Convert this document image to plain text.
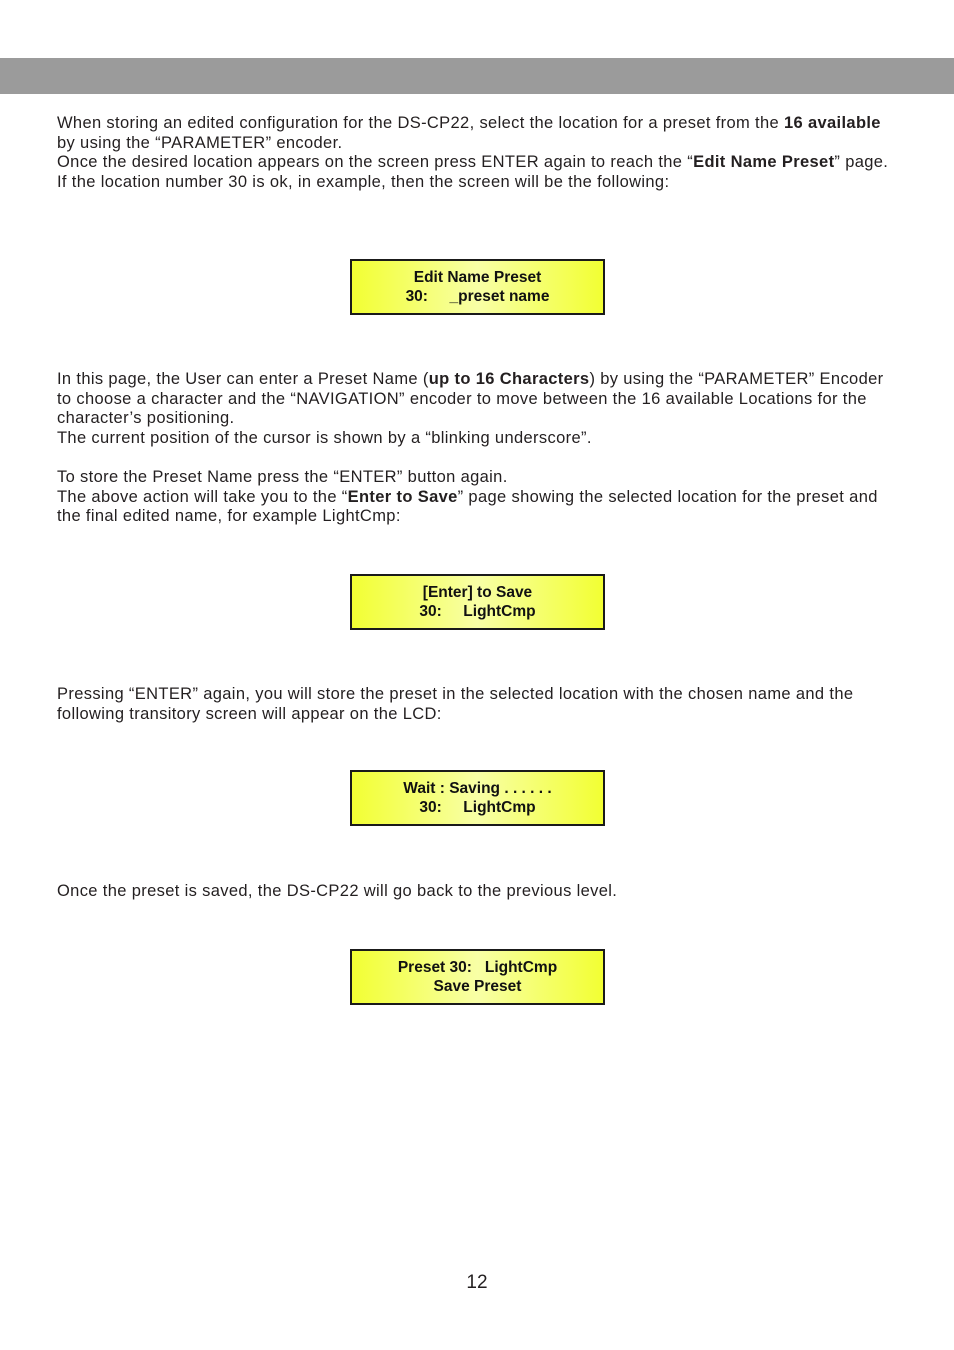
When storing an edited configuration for the DS-CP22, select the location for a preset from the 16 available by using the “PARAMETER” encoder.

Once the desired location appears on the screen press ENTER again to reach the “Edit Name Preset” page.

If the location number 30 is ok, in example, then the screen will be the following:

Edit Name Preset
30:     _preset name

In this page, the User can enter a Preset Name (up to 16 Characters) by using the “PARAMETER” Encoder to choose a character and the “NAVIGATION” encoder to move between the 16 available Locations for the character’s positioning.

The current position of the cursor is shown by a “blinking underscore”.

To store the Preset Name press the “ENTER” button again.

The above action will take you to the “Enter to Save” page showing the selected location for the preset and the final edited name, for example LightCmp:

[Enter] to Save
30:     LightCmp

Pressing “ENTER” again, you will store the preset in the selected location with the chosen name and the following transitory screen will appear on the LCD:

Wait : Saving . . . . . .
30:     LightCmp

Once the preset is saved, the DS-CP22 will go back to the previous level.

Preset 30:   LightCmp
Save Preset
12
